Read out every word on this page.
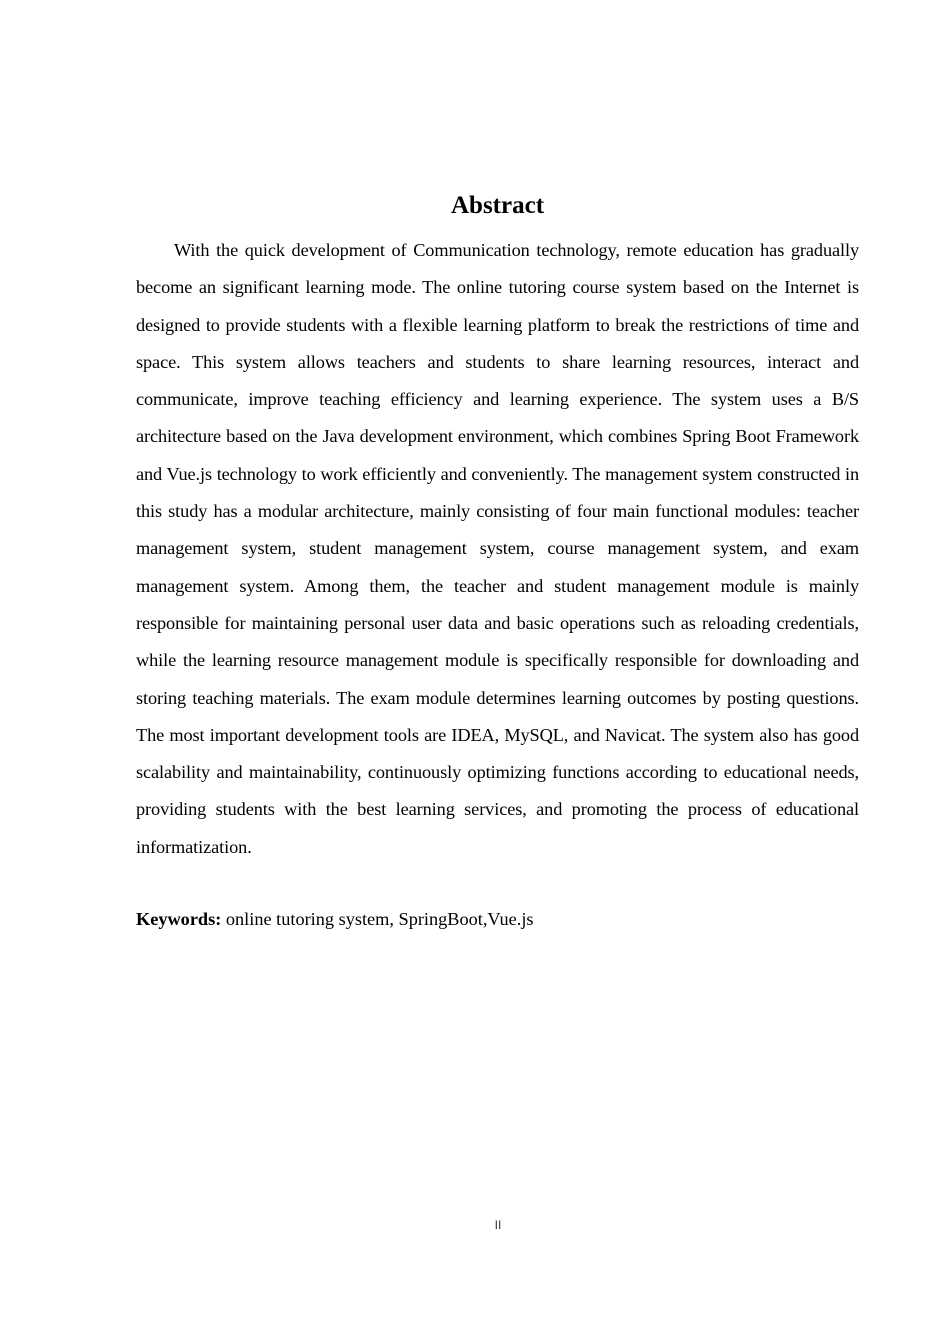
Abstract

With the quick development of Communication technology, remote education has gradually become an significant learning mode. The online tutoring course system based on the Internet is designed to provide students with a flexible learning platform to break the restrictions of time and space. This system allows teachers and students to share learning resources, interact and communicate, improve teaching efficiency and learning experience. The system uses a B/S architecture based on the Java development environment, which combines Spring Boot Framework and Vue.js technology to work efficiently and conveniently. The management system constructed in this study has a modular architecture, mainly consisting of four main functional modules: teacher management system, student management system, course management system, and exam management system. Among them, the teacher and student management module is mainly responsible for maintaining personal user data and basic operations such as reloading credentials, while the learning resource management module is specifically responsible for downloading and storing teaching materials. The exam module determines learning outcomes by posting questions. The most important development tools are IDEA, MySQL, and Navicat. The system also has good scalability and maintainability, continuously optimizing functions according to educational needs, providing students with the best learning services, and promoting the process of educational informatization.

Keywords: online tutoring system, SpringBoot,Vue.js

II
